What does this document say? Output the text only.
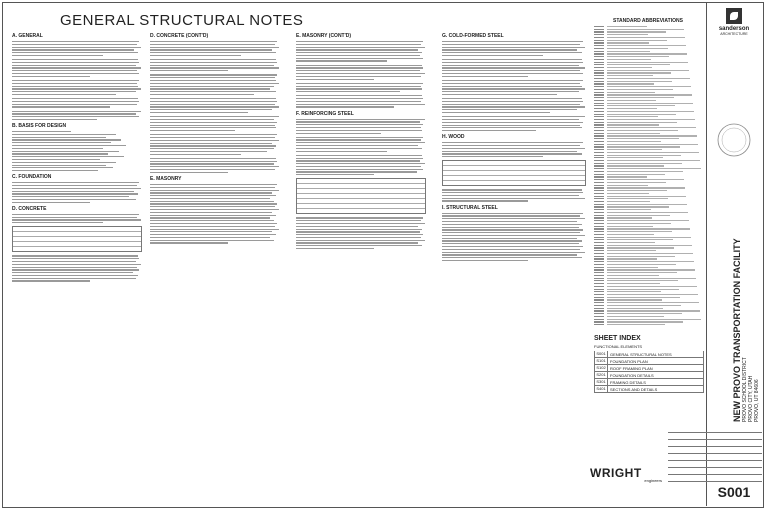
GENERAL STRUCTURAL NOTES
A. GENERAL
B. BASIS FOR DESIGN
C. FOUNDATION
D. CONCRETE
D. CONCRETE (CONT'D)
E. MASONRY
E. MASONRY (CONT'D)
F. REINFORCING STEEL
G. COLD-FORMED STEEL
H. WOOD
I. STRUCTURAL STEEL
STANDARD ABBREVIATIONS
SHEET INDEX
FUNCTIONAL ELEMENTS
S001	GENERAL STRUCTURAL NOTES
S101	FOUNDATION PLAN
S102	ROOF FRAMING PLAN
S201	FOUNDATION DETAILS
S301	FRAMING DETAILS
S401	SECTIONS AND DETAILS
WRIGHT
engineers
sanderson
ARCHITECTURE
NEW PROVO TRANSPORTATION FACILITY PROVO SCHOOL DISTRICT PROVO CITY, UTAH PROVO, UT 84606
S001
